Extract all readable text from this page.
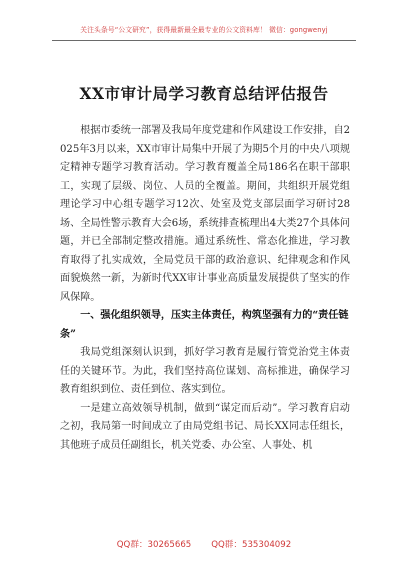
关注头条号“公文研究”，获得最新最全最专业的公文资料库！ 微信：gongwenyj
XX市审计局学习教育总结评估报告

根据市委统一部署及我局年度党建和作风建设工作安排，自2025年3月以来，XX市审计局集中开展了为期5个月的中央八项规定精神专题学习教育活动。学习教育覆盖全局186名在职干部职工，实现了层级、岗位、人员的全覆盖。期间，共组织开展党组理论学习中心组专题学习12次、处室及党支部层面学习研讨28场、全局性警示教育大会6场，系统排查梳理出4大类27个具体问题，并已全部制定整改措施。通过系统性、常态化推进，学习教育取得了扎实成效，全局党员干部的政治意识、纪律观念和作风面貌焕然一新，为新时代XX审计事业高质量发展提供了坚实的作风保障。

一、强化组织领导，压实主体责任，构筑坚强有力的“责任链条”

我局党组深刻认识到，抓好学习教育是履行管党治党主体责任的关键环节。为此，我们坚持高位谋划、高标推进，确保学习教育组织到位、责任到位、落实到位。

一是建立高效领导机制，做到“谋定而后动”。学习教育启动之初，我局第一时间成立了由局党组书记、局长XX同志任组长，其他班子成员任副组长，机关党委、办公室、人事处、机

QQ群：30265665 QQ群：535304092
